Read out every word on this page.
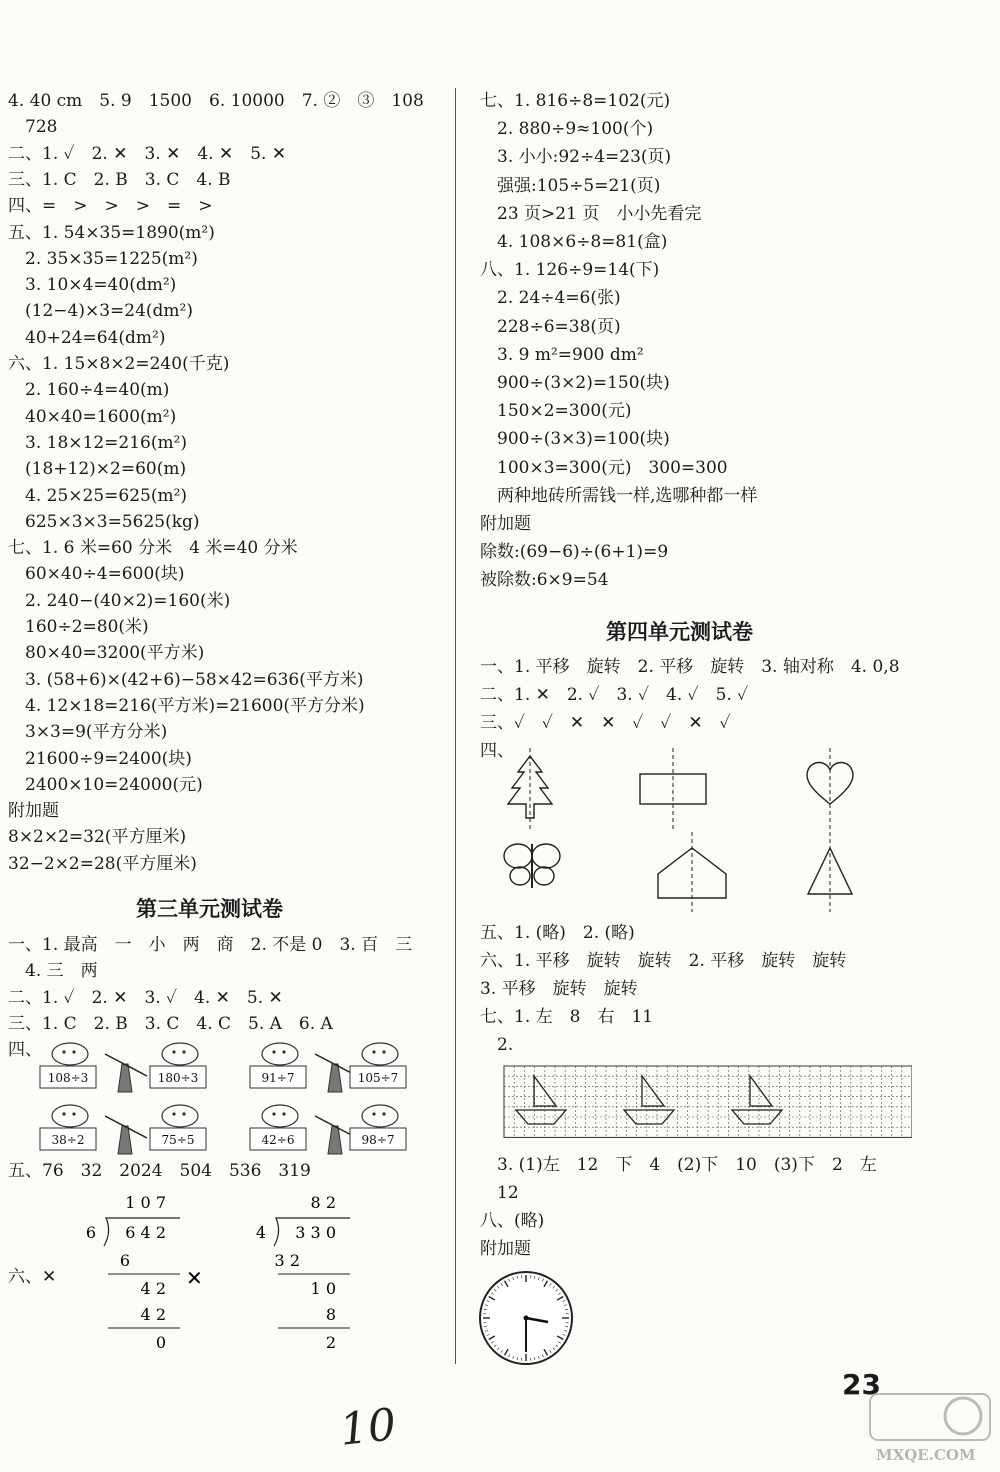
4. 40 cm　5. 9　1500　6. 10000　7. ②　③　108
　728
二、1. ✓　2. ✕　3. ✕　4. ✕　5. ✕
三、1. C　2. B　3. C　4. B
四、=　>　>　>　=　>
五、1. 54×35=1890(m²)
　2. 35×35=1225(m²)
　3. 10×4=40(dm²)
　(12−4)×3=24(dm²)
　40+24=64(dm²)
六、1. 15×8×2=240(千克)
　2. 160÷4=40(m)
　40×40=1600(m²)
　3. 18×12=216(m²)
　(18+12)×2=60(m)
　4. 25×25=625(m²)
　625×3×3=5625(kg)
七、1. 6 米=60 分米　4 米=40 分米
　60×40÷4=600(块)
　2. 240−(40×2)=160(米)
　160÷2=80(米)
　80×40=3200(平方米)
　3. (58+6)×(42+6)−58×42=636(平方米)
　4. 12×18=216(平方米)=21600(平方分米)
　3×3=9(平方分米)
　21600÷9=2400(块)
　2400×10=24000(元)
附加题
8×2×2=32(平方厘米)
32−2×2=28(平方厘米)
第三单元测试卷
一、1. 最高　一　小　两　商　2. 不是 0　3. 百　三
　4. 三　两
二、1. ✓　2. ✕　3. ✓　4. ✕　5. ✕
三、1. C　2. B　3. C　4. C　5. A　6. A
四、
五、76　32　2024　504　536　319
六、✕
七、1. 816÷8=102(元)
　2. 880÷9≈100(个)
　3. 小小:92÷4=23(页)
　强强:105÷5=21(页)
　23 页>21 页　小小先看完
　4. 108×6÷8=81(盒)
八、1. 126÷9=14(下)
　2. 24÷4=6(张)
　228÷6=38(页)
　3. 9 m²=900 dm²
　900÷(3×2)=150(块)
　150×2=300(元)
　900÷(3×3)=100(块)
　100×3=300(元)　300=300
　两种地砖所需钱一样,选哪种都一样
附加题
除数:(69−6)÷(6+1)=9
被除数:6×9=54
第四单元测试卷
一、1. 平移　旋转　2. 平移　旋转　3. 轴对称　4. 0,8
二、1. ✕　2. ✓　3. ✓　4. ✓　5. ✓
三、✓　✓　✕　✕　✓　✓　✕　✓
四、
五、1. (略)　2. (略)
六、1. 平移　旋转　旋转　2. 平移　旋转　旋转
3. 平移　旋转　旋转
七、1. 左　8　右　11
　2.
　3. (1)左　12　下　4　(2)下　10　(3)下　2　左
　12
八、(略)
附加题
108÷3	180÷3	91÷7	105÷7
38÷2	75÷5	42÷6	98÷7
1 0 7
6 6 4 2
6
4 2
4 2
0
8 2
4 3 3 0
3 2
1 0
8
2
✕
23
10	MXQE.COM
